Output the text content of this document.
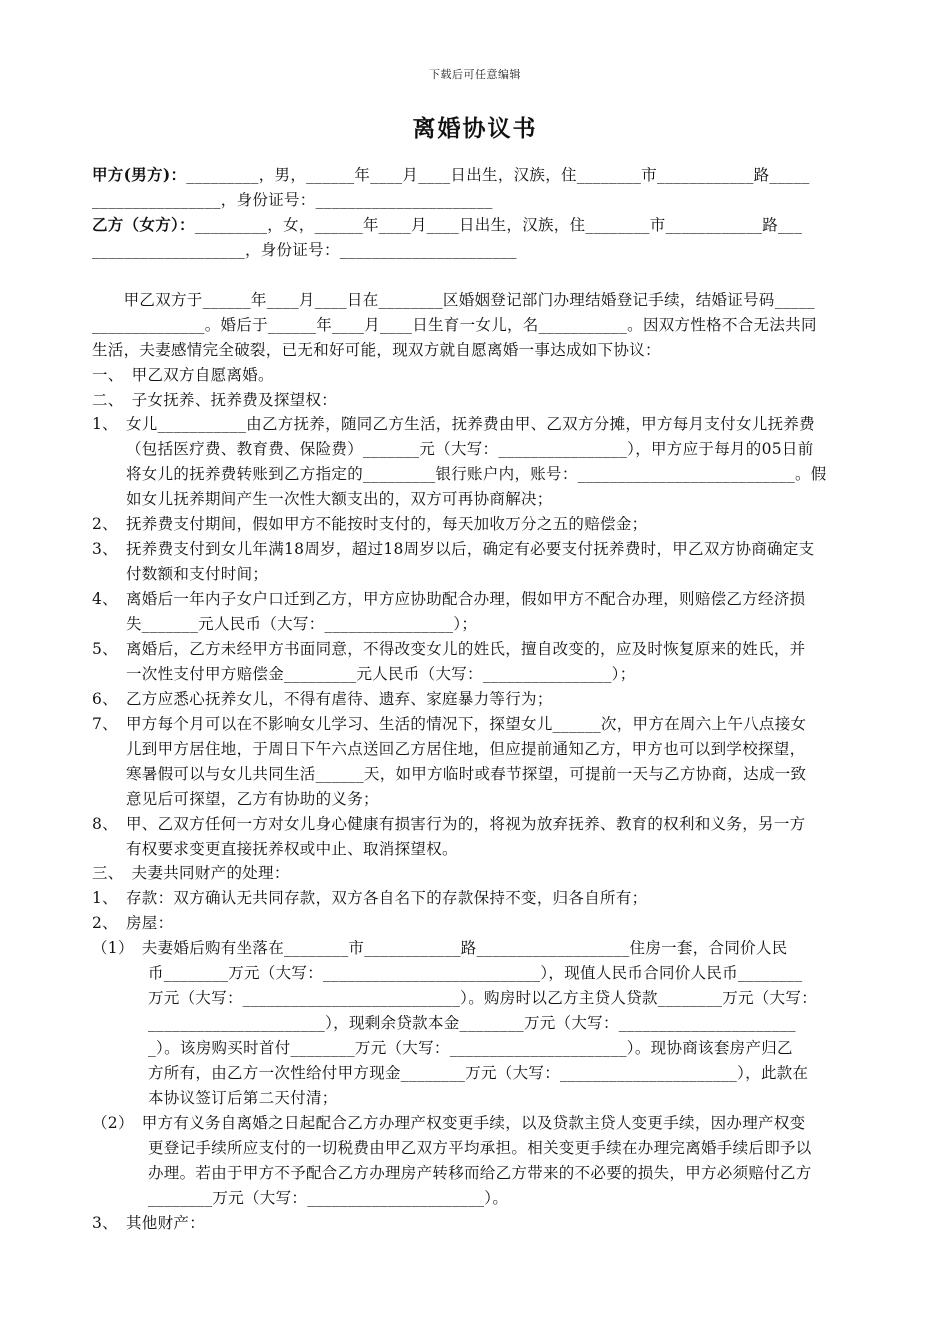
下载后可任意编辑
离婚协议书
甲方(男方)：_________，男，______年____月____日出生，汉族，住________市____________路_____
________________，身份证号：______________________
乙方（女方）：_________，女，______年____月____日出生，汉族，住________市____________路___
___________________，身份证号：______________________
　　甲乙双方于______年____月____日在________区婚姻登记部门办理结婚登记手续，结婚证号码_____
______________。婚后于______年____月____日生育一女儿，名___________。因双方性格不合无法共同
生活，夫妻感情完全破裂，已无和好可能，现双方就自愿离婚一事达成如下协议：
一、　甲乙双方自愿离婚。
二、　子女抚养、抚养费及探望权：
1、　女儿___________由乙方抚养，随同乙方生活，抚养费由甲、乙双方分摊，甲方每月支付女儿抚养费
（包括医疗费、教育费、保险费）_______元（大写：________________），甲方应于每月的05日前
将女儿的抚养费转账到乙方指定的_________银行账户内，账号：___________________________。假
如女儿抚养期间产生一次性大额支出的，双方可再协商解决；
2、　抚养费支付期间，假如甲方不能按时支付的，每天加收万分之五的赔偿金；
3、　抚养费支付到女儿年满18周岁，超过18周岁以后，确定有必要支付抚养费时，甲乙双方协商确定支
付数额和支付时间；
4、　离婚后一年内子女户口迁到乙方，甲方应协助配合办理，假如甲方不配合办理，则赔偿乙方经济损
失_______元人民币（大写：________________）；
5、　离婚后，乙方未经甲方书面同意，不得改变女儿的姓氏，擅自改变的，应及时恢复原来的姓氏，并
一次性支付甲方赔偿金_________元人民币（大写：________________）；
6、　乙方应悉心抚养女儿，不得有虐待、遗弃、家庭暴力等行为；
7、　甲方每个月可以在不影响女儿学习、生活的情况下，探望女儿______次，甲方在周六上午八点接女
儿到甲方居住地，于周日下午六点送回乙方居住地，但应提前通知乙方，甲方也可以到学校探望，
寒暑假可以与女儿共同生活______天，如甲方临时或春节探望，可提前一天与乙方协商，达成一致
意见后可探望，乙方有协助的义务；
8、　甲、乙双方任何一方对女儿身心健康有损害行为的，将视为放弃抚养、教育的权利和义务，另一方
有权要求变更直接抚养权或中止、取消探望权。
三、　夫妻共同财产的处理：
1、　存款：双方确认无共同存款，双方各自名下的存款保持不变，归各自所有；
2、　房屋：
（1）　夫妻婚后购有坐落在________市____________路___________________住房一套，合同价人民
币________万元（大写：___________________________），现值人民币合同价人民币________
万元（大写：___________________________）。购房时以乙方主贷人贷款________万元（大写：
______________________），现剩余贷款本金________万元（大写：______________________
_）。该房购买时首付________万元（大写：______________________）。现协商该套房产归乙
方所有，由乙方一次性给付甲方现金________万元（大写：______________________），此款在
本协议签订后第二天付清；
（2）　甲方有义务自离婚之日起配合乙方办理产权变更手续，以及贷款主贷人变更手续，因办理产权变
更登记手续所应支付的一切税费由甲乙双方平均承担。相关变更手续在办理完离婚手续后即予以
办理。若由于甲方不予配合乙方办理房产转移而给乙方带来的不必要的损失，甲方必须赔付乙方
________万元（大写：______________________）。
3、　其他财产：
